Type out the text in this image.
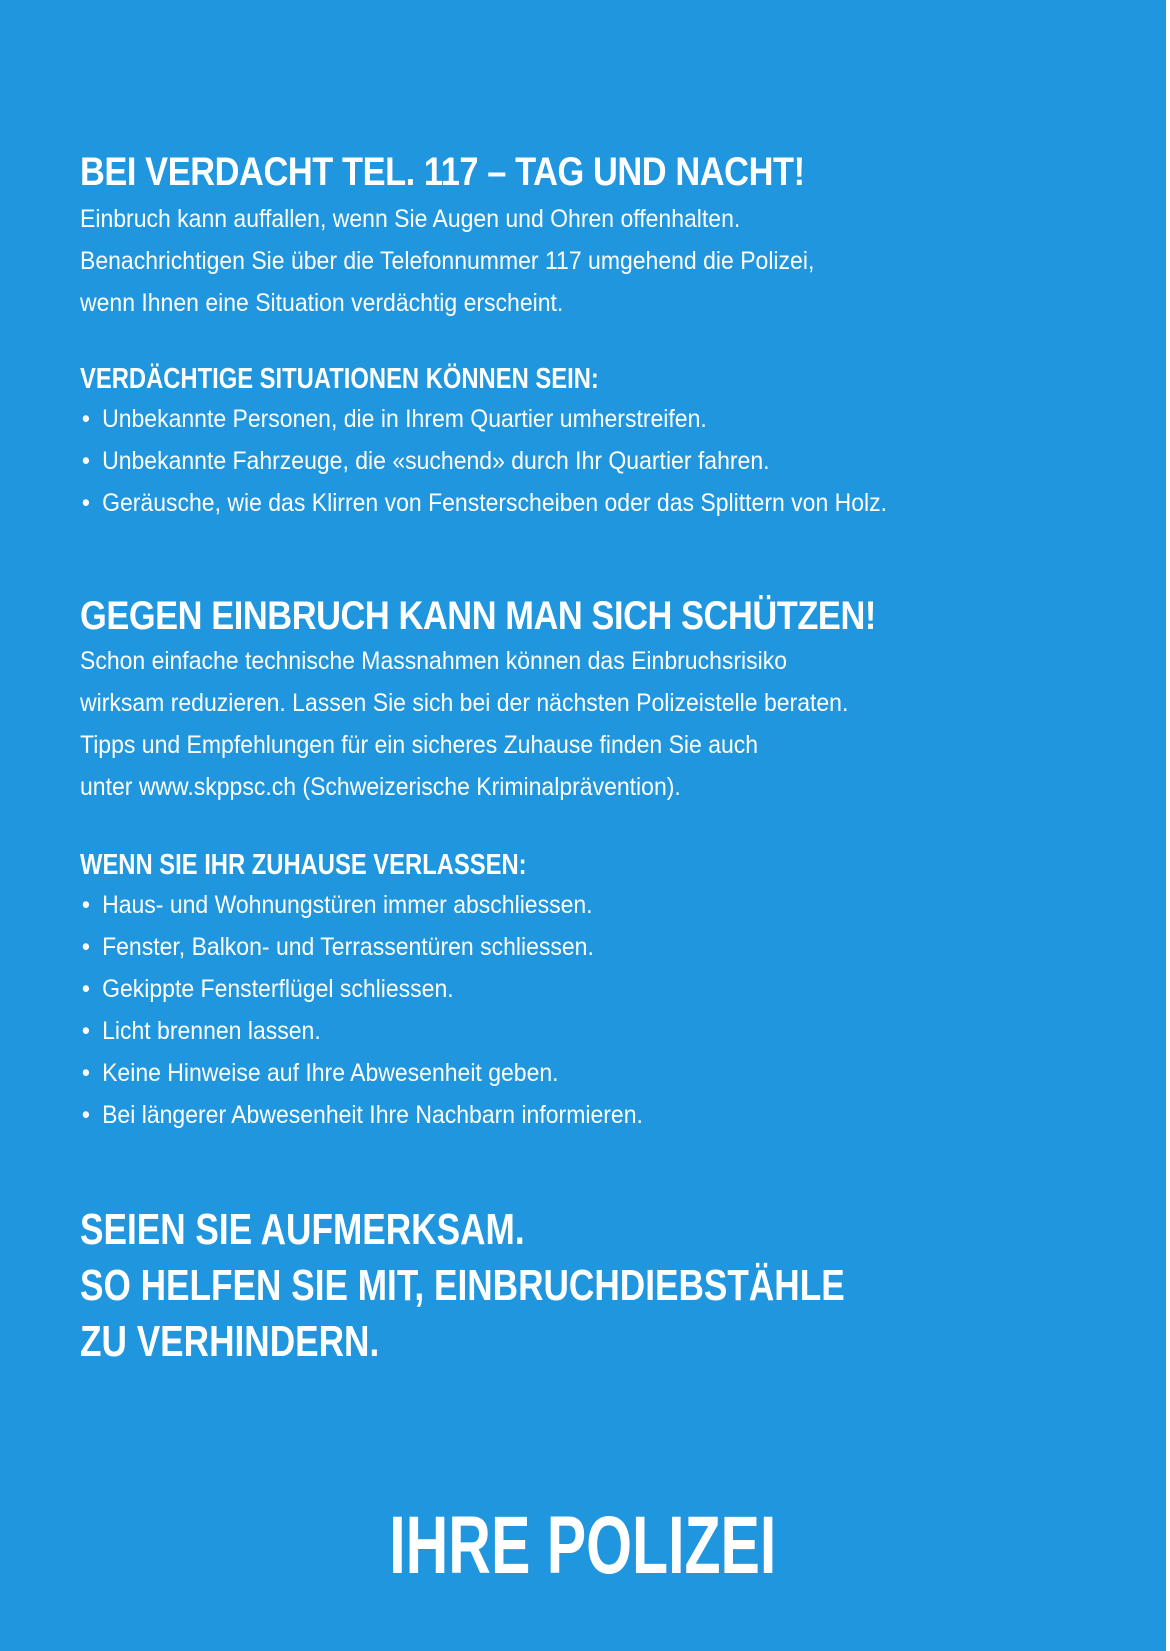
BEI VERDACHT TEL. 117 – TAG UND NACHT!
Einbruch kann auffallen, wenn Sie Augen und Ohren offenhalten.
Benachrichtigen Sie über die Telefonnummer 117 umgehend die Polizei,
wenn Ihnen eine Situation verdächtig erscheint.
VERDÄCHTIGE SITUATIONEN KÖNNEN SEIN:
• Unbekannte Personen, die in Ihrem Quartier umherstreifen.
• Unbekannte Fahrzeuge, die «suchend» durch Ihr Quartier fahren.
• Geräusche, wie das Klirren von Fensterscheiben oder das Splittern von Holz.
GEGEN EINBRUCH KANN MAN SICH SCHÜTZEN!
Schon einfache technische Massnahmen können das Einbruchsrisiko
wirksam reduzieren. Lassen Sie sich bei der nächsten Polizeistelle beraten.
Tipps und Empfehlungen für ein sicheres Zuhause finden Sie auch
unter www.skppsc.ch (Schweizerische Kriminalprävention).
WENN SIE IHR ZUHAUSE VERLASSEN:
• Haus- und Wohnungstüren immer abschliessen.
• Fenster, Balkon- und Terrassentüren schliessen.
• Gekippte Fensterflügel schliessen.
• Licht brennen lassen.
• Keine Hinweise auf Ihre Abwesenheit geben.
• Bei längerer Abwesenheit Ihre Nachbarn informieren.
SEIEN SIE AUFMERKSAM.
SO HELFEN SIE MIT, EINBRUCHDIEBSTÄHLE
ZU VERHINDERN.
IHRE POLIZEI
